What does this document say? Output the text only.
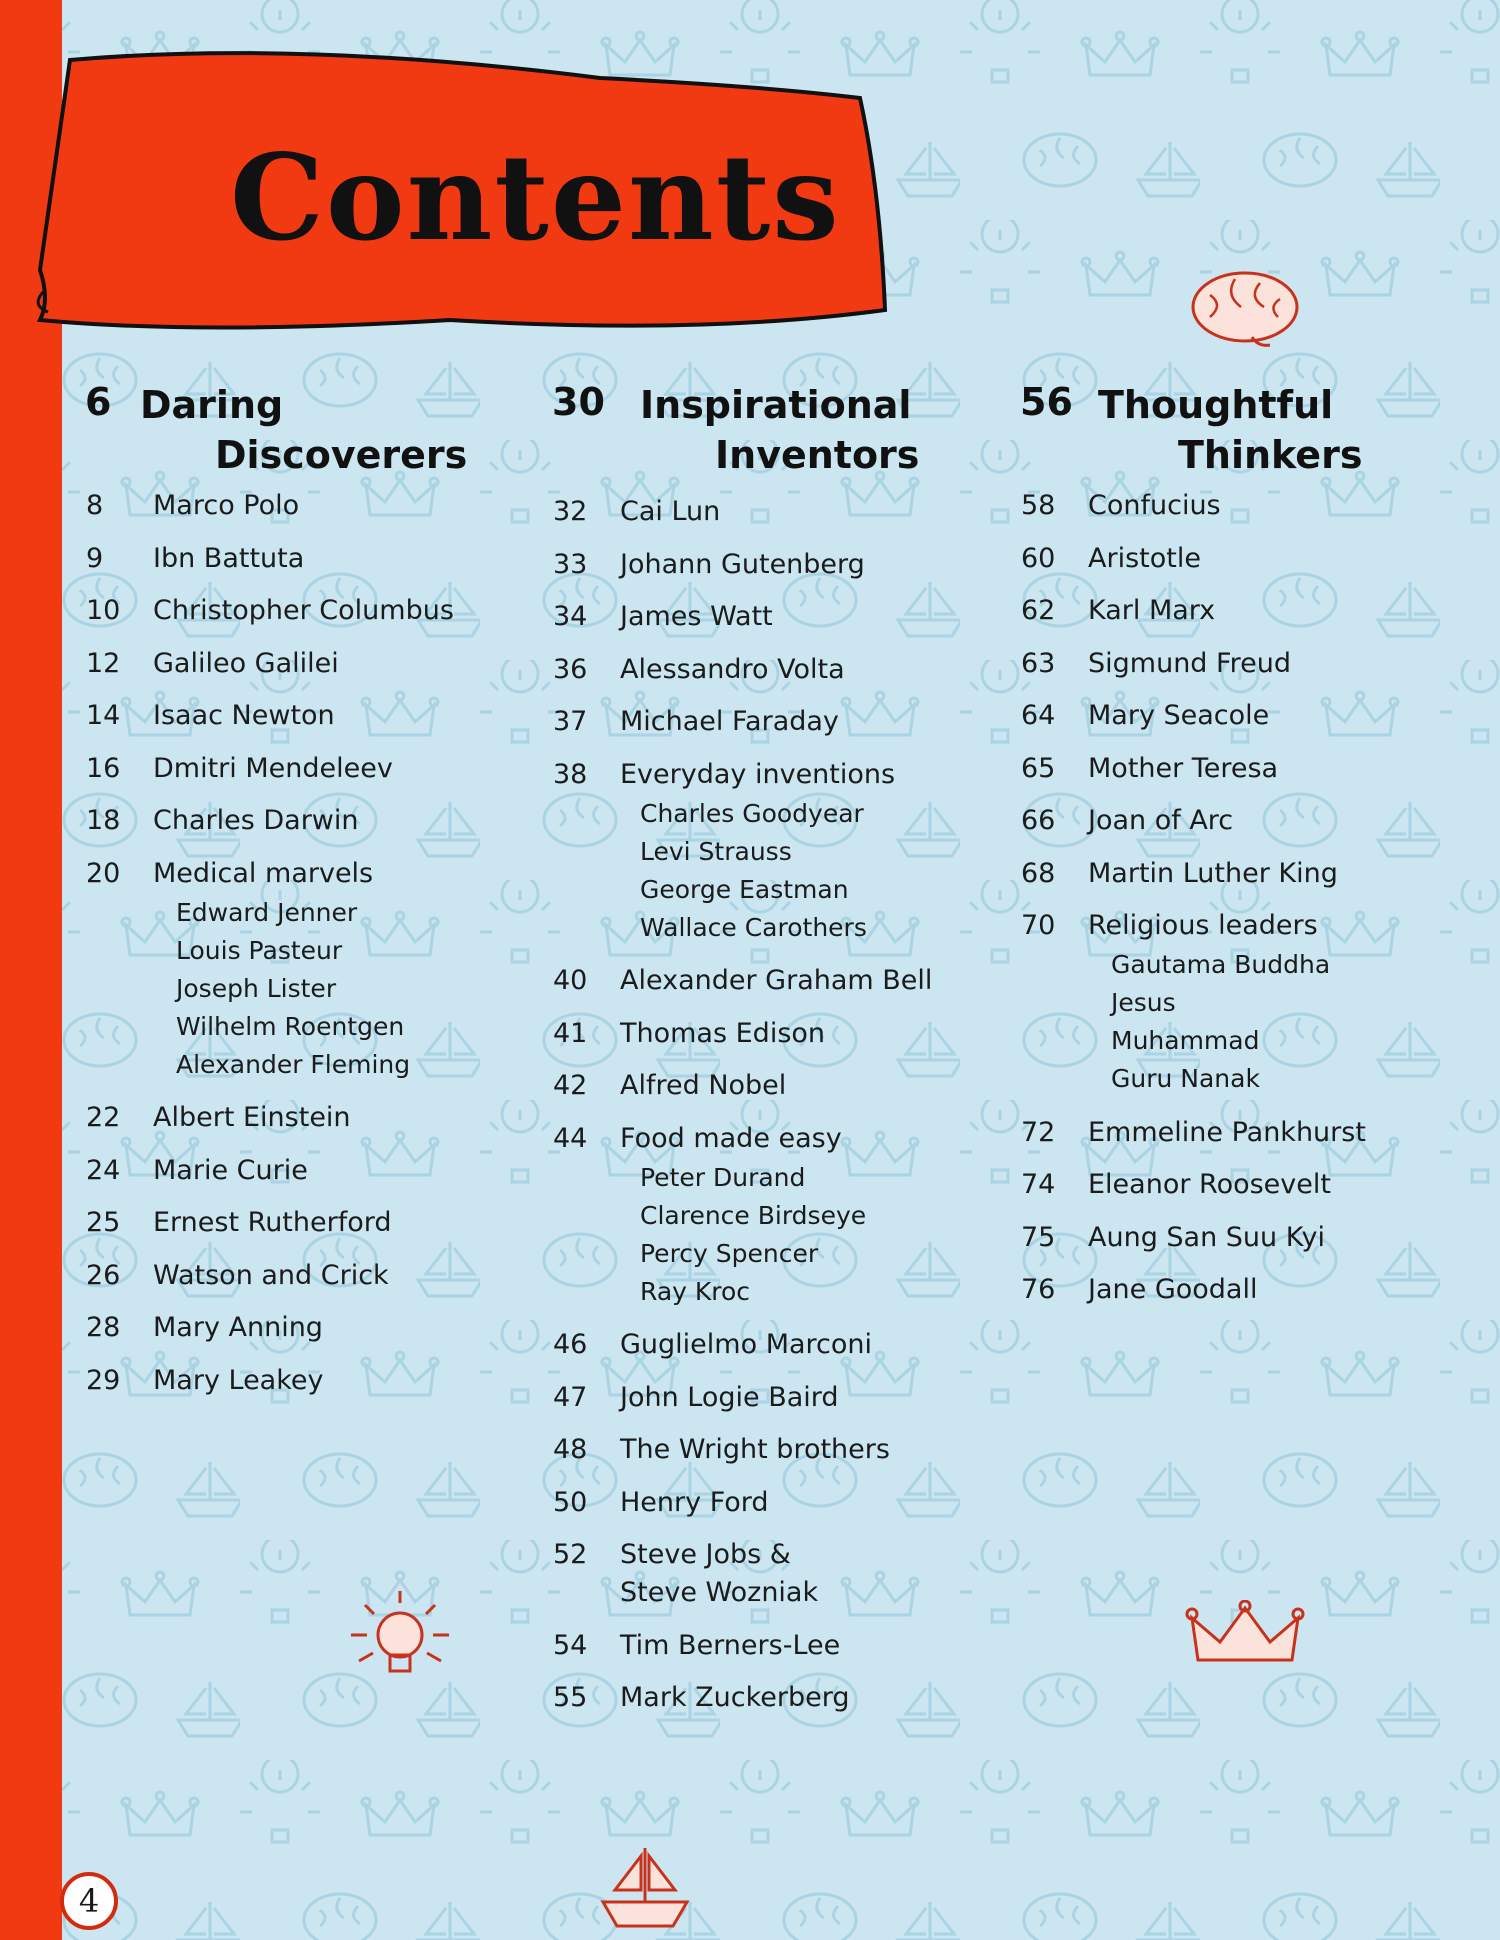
Contents
6 Daring
Discoverers
8 Marco Polo
9 Ibn Battuta
10 Christopher Columbus
12 Galileo Galilei
14 Isaac Newton
16 Dmitri Mendeleev
18 Charles Darwin
20 Medical marvels
Edward Jenner
Louis Pasteur
Joseph Lister
Wilhelm Roentgen
Alexander Fleming
22 Albert Einstein
24 Marie Curie
25 Ernest Rutherford
26 Watson and Crick
28 Mary Anning
29 Mary Leakey
30 Inspirational
Inventors
32 Cai Lun
33 Johann Gutenberg
34 James Watt
36 Alessandro Volta
37 Michael Faraday
38 Everyday inventions
Charles Goodyear
Levi Strauss
George Eastman
Wallace Carothers
40 Alexander Graham Bell
41 Thomas Edison
42 Alfred Nobel
44 Food made easy
Peter Durand
Clarence Birdseye
Percy Spencer
Ray Kroc
46 Guglielmo Marconi
47 John Logie Baird
48 The Wright brothers
50 Henry Ford
52 Steve Jobs &
Steve Wozniak
54 Tim Berners-Lee
55 Mark Zuckerberg
56 Thoughtful
Thinkers
58 Confucius
60 Aristotle
62 Karl Marx
63 Sigmund Freud
64 Mary Seacole
65 Mother Teresa
66 Joan of Arc
68 Martin Luther King
70 Religious leaders
Gautama Buddha
Jesus
Muhammad
Guru Nanak
72 Emmeline Pankhurst
74 Eleanor Roosevelt
75 Aung San Suu Kyi
76 Jane Goodall
4
